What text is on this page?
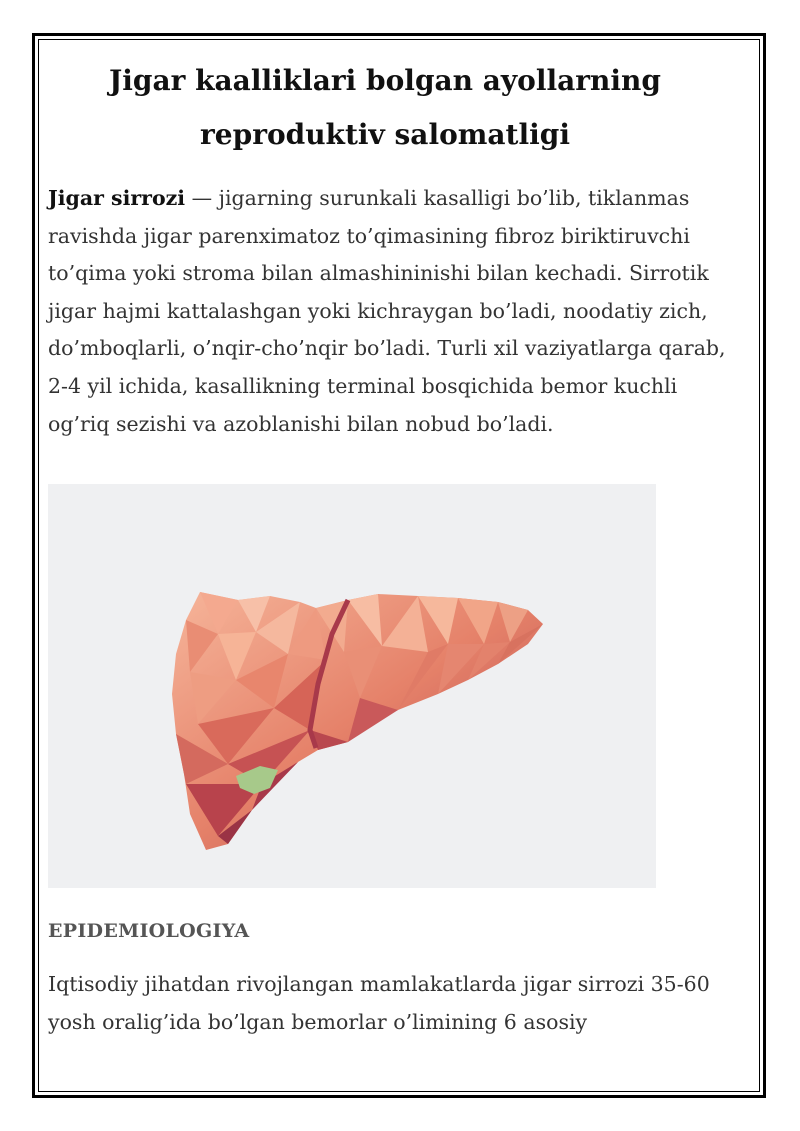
Jigar kaalliklari bolgan ayollarning reproduktiv salomatligi
Jigar sirrozi — jigarning surunkali kasalligi bo’lib, tiklanmas ravishda jigar parenximatoz to’qimasining fibroz biriktiruvchi to’qima yoki stroma bilan almashininishi bilan kechadi. Sirrotik jigar hajmi kattalashgan yoki kichraygan bo’ladi, noodatiy zich, do’mboqlarli, o’nqir-cho’nqir bo’ladi. Turli xil vaziyatlarga qarab, 2-4 yil ichida, kasallikning terminal bosqichida bemor kuchli og’riq sezishi va azoblanishi bilan nobud bo’ladi.
EPIDEMIOLOGIYA
Iqtisodiy jihatdan rivojlangan mamlakatlarda jigar sirrozi 35-60 yosh oralig’ida bo’lgan bemorlar o’limining 6 asosiy
